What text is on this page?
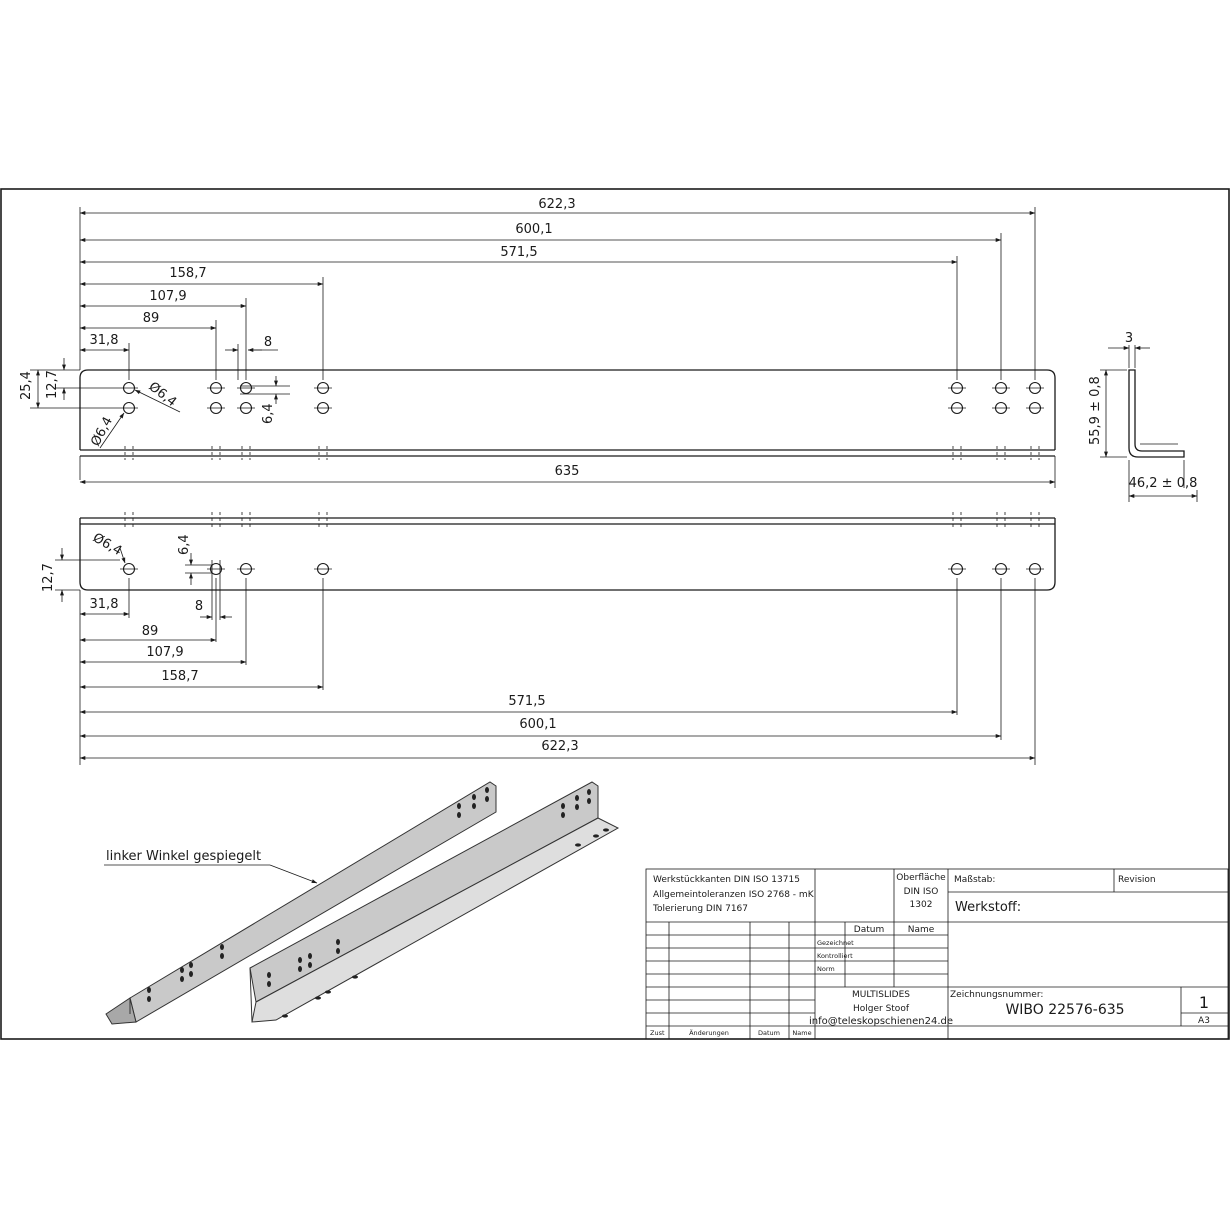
622,3
600,1
571,5
158,7
107,9
89
31,8	8
6,4
Ø6,4
Ø6,4
25,4 12,7
635
3
55,9 ± 0,8
46,2 ± 0,8
Ø6,4	6,4
12,7
8
31,8
89
107,9
158,7
571,5
600,1
622,3
linker Winkel gespiegelt
Werkstückkanten DIN ISO 13715
Allgemeintoleranzen ISO 2768 - mK
Tolerierung DIN 7167
Oberfläche
DIN ISO
1302
Maßstab:	Revision
Werkstoff:
Datum	Name
Gezeichnet
Kontrolliert
Norm
MULTISLIDES
Holger Stoof
info@teleskopschienen24.de
Zeichnungsnummer:
WIBO 22576-635	1
A3
Zust	Änderungen	Datum Name
